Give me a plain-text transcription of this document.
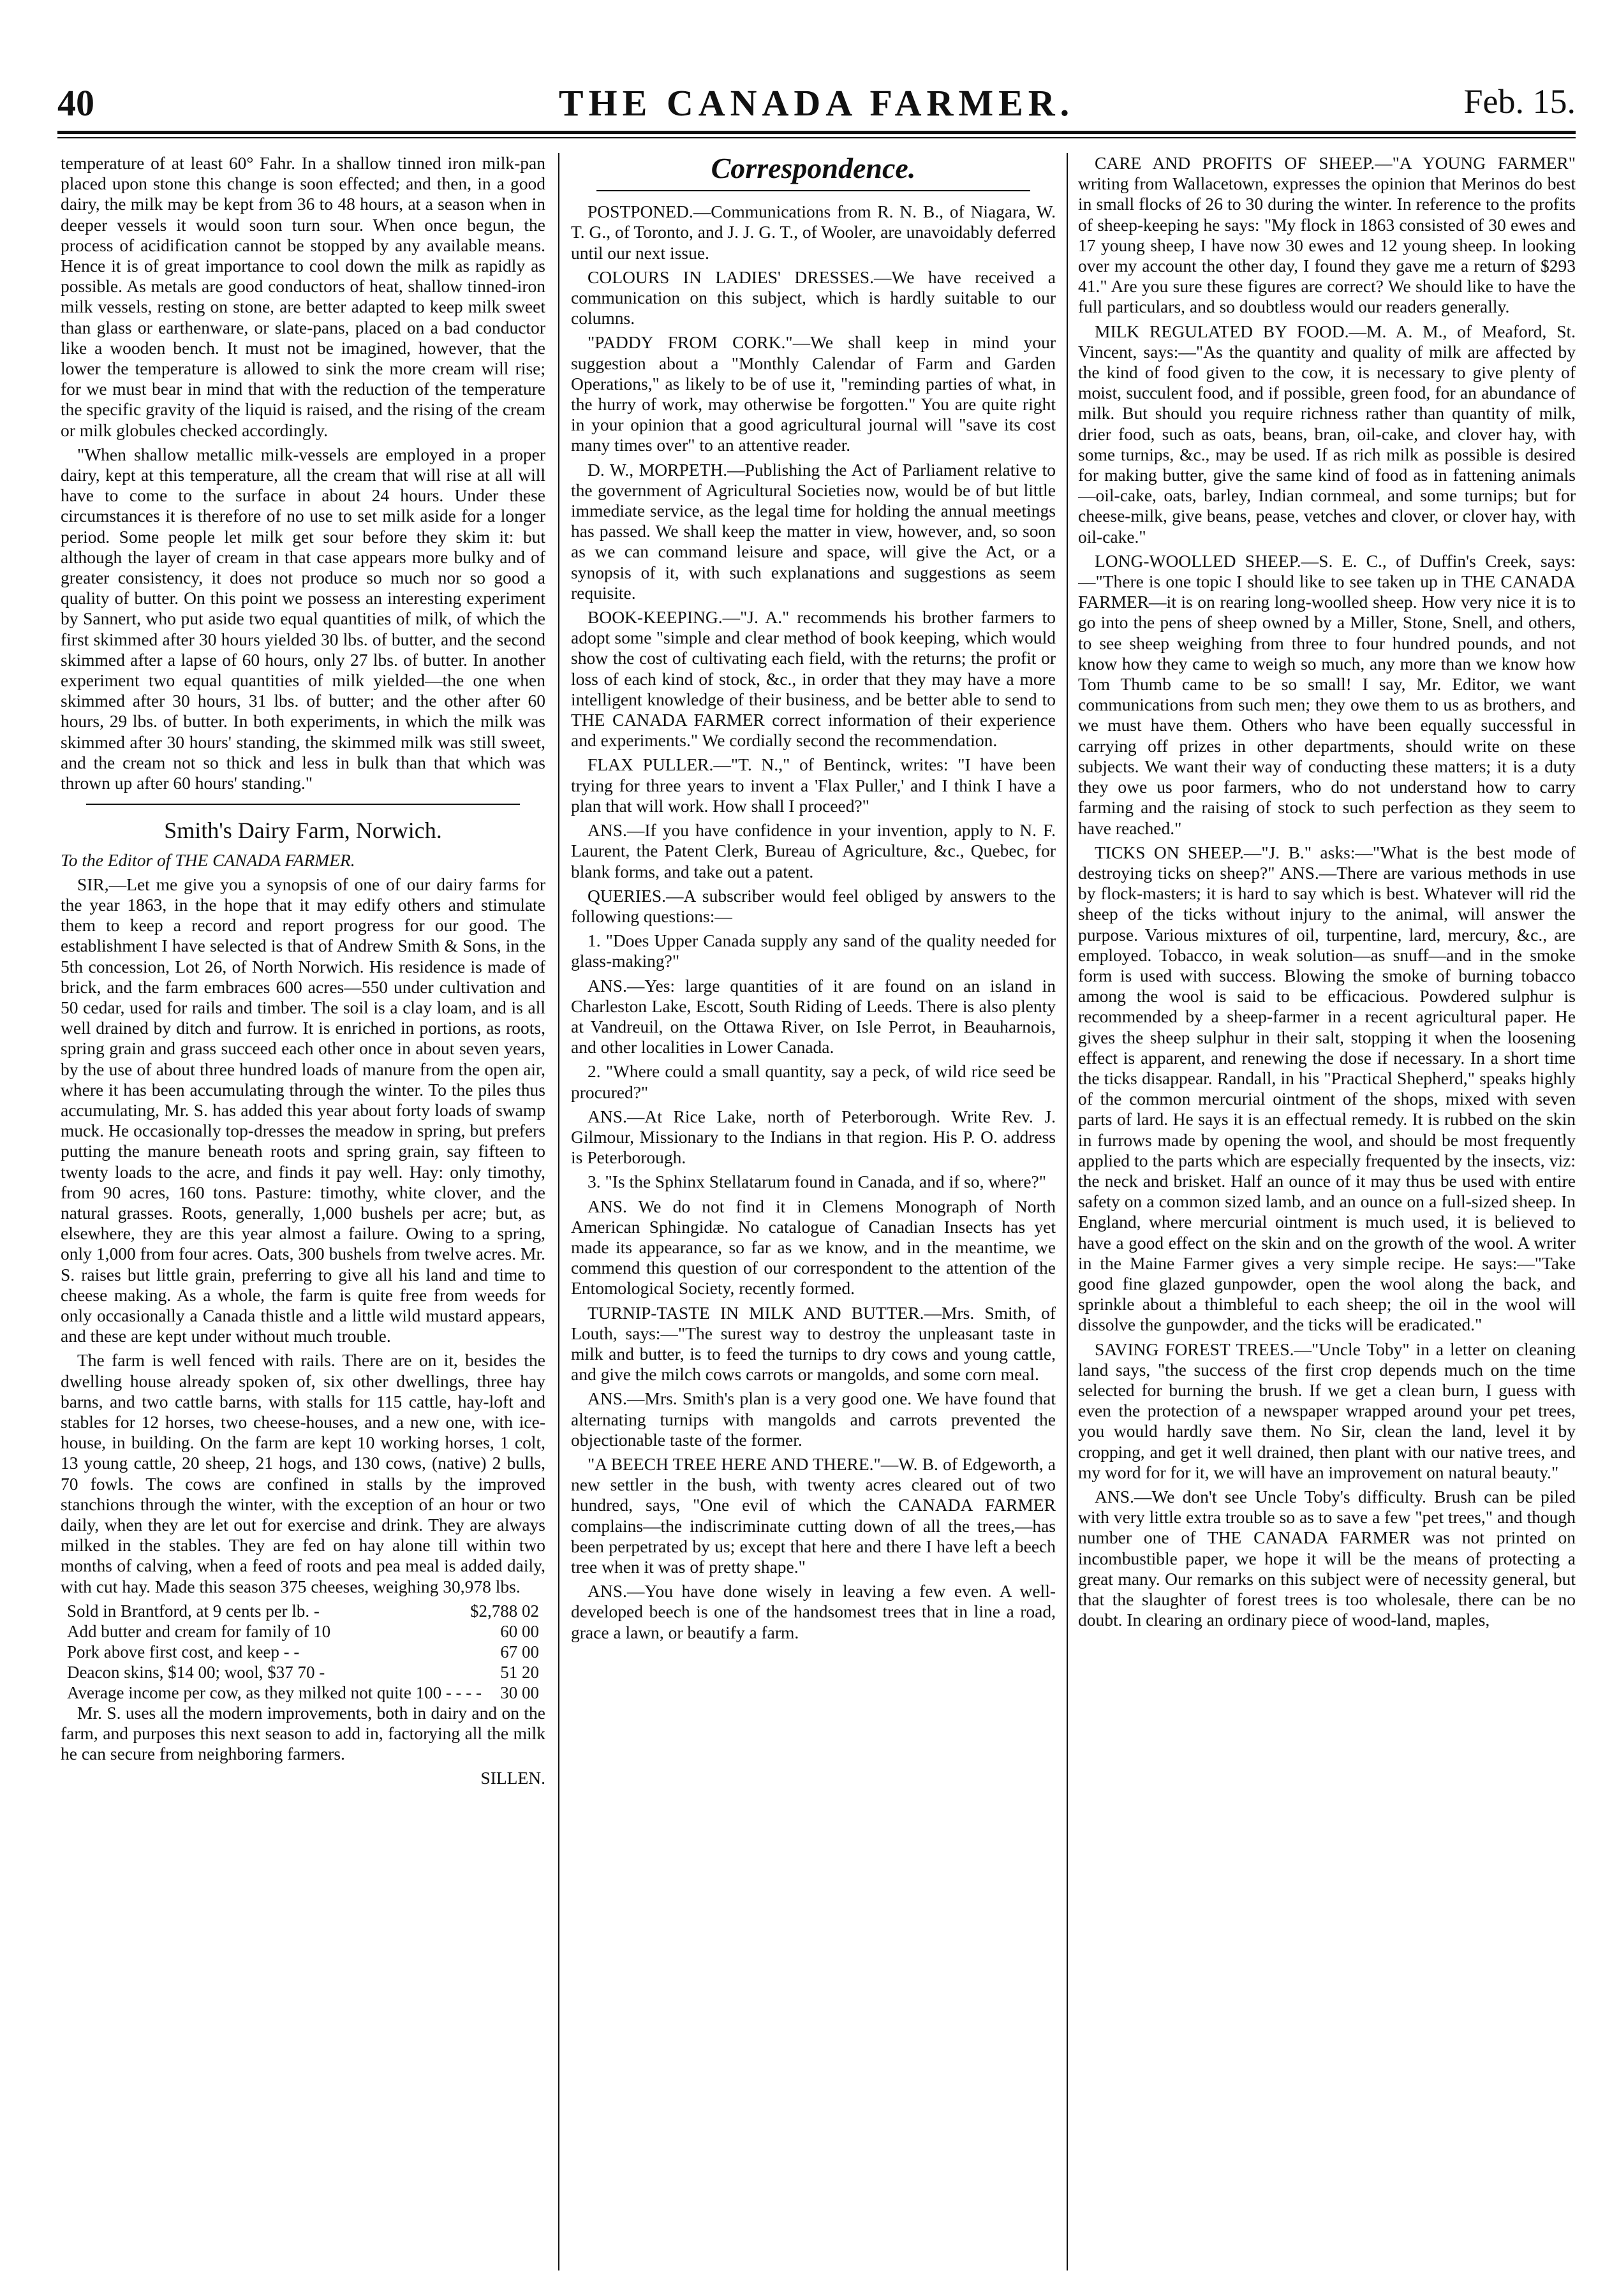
40	THE CANADA FARMER.	Feb. 15.

temperature of at least 60° Fahr. In a shallow tinned iron milk-pan placed upon stone this change is soon effected; and then, in a good dairy, the milk may be kept from 36 to 48 hours, at a season when in deeper vessels it would soon turn sour. When once begun, the process of acidification cannot be stopped by any available means. Hence it is of great importance to cool down the milk as rapidly as possible. As metals are good conductors of heat, shallow tinned-iron milk vessels, resting on stone, are better adapted to keep milk sweet than glass or earthenware, or slate-pans, placed on a bad conductor like a wooden bench. It must not be imagined, however, that the lower the temperature is allowed to sink the more cream will rise; for we must bear in mind that with the reduction of the temperature the specific gravity of the liquid is raised, and the rising of the cream or milk globules checked accordingly.

"When shallow metallic milk-vessels are employed in a proper dairy, kept at this temperature, all the cream that will rise at all will have to come to the surface in about 24 hours. Under these circumstances it is therefore of no use to set milk aside for a longer period. Some people let milk get sour before they skim it: but although the layer of cream in that case appears more bulky and of greater consistency, it does not produce so much nor so good a quality of butter. On this point we possess an interesting experiment by Sannert, who put aside two equal quantities of milk, of which the first skimmed after 30 hours yielded 30 lbs. of butter, and the second skimmed after a lapse of 60 hours, only 27 lbs. of butter. In another experiment two equal quantities of milk yielded—the one when skimmed after 30 hours, 31 lbs. of butter; and the other after 60 hours, 29 lbs. of butter. In both experiments, in which the milk was skimmed after 30 hours' standing, the skimmed milk was still sweet, and the cream not so thick and less in bulk than that which was thrown up after 60 hours' standing."

Smith's Dairy Farm, Norwich.

To the Editor of THE CANADA FARMER.

SIR,—Let me give you a synopsis of one of our dairy farms for the year 1863, in the hope that it may edify others and stimulate them to keep a record and report progress for our good. The establishment I have selected is that of Andrew Smith & Sons, in the 5th concession, Lot 26, of North Norwich. His residence is made of brick, and the farm embraces 600 acres—550 under cultivation and 50 cedar, used for rails and timber. The soil is a clay loam, and is all well drained by ditch and furrow. It is enriched in portions, as roots, spring grain and grass succeed each other once in about seven years, by the use of about three hundred loads of manure from the open air, where it has been accumulating through the winter. To the piles thus accumulating, Mr. S. has added this year about forty loads of swamp muck. He occasionally top-dresses the meadow in spring, but prefers putting the manure beneath roots and spring grain, say fifteen to twenty loads to the acre, and finds it pay well. Hay: only timothy, from 90 acres, 160 tons. Pasture: timothy, white clover, and the natural grasses. Roots, generally, 1,000 bushels per acre; but, as elsewhere, they are this year almost a failure. Owing to a spring, only 1,000 from four acres. Oats, 300 bushels from twelve acres. Mr. S. raises but little grain, preferring to give all his land and time to cheese making. As a whole, the farm is quite free from weeds for only occasionally a Canada thistle and a little wild mustard appears, and these are kept under without much trouble.

The farm is well fenced with rails. There are on it, besides the dwelling house already spoken of, six other dwellings, three hay barns, and two cattle barns, with stalls for 115 cattle, hay-loft and stables for 12 horses, two cheese-houses, and a new one, with ice-house, in building. On the farm are kept 10 working horses, 1 colt, 13 young cattle, 20 sheep, 21 hogs, and 130 cows, (native) 2 bulls, 70 fowls. The cows are confined in stalls by the improved stanchions through the winter, with the exception of an hour or two daily, when they are let out for exercise and drink. They are always milked in the stables. They are fed on hay alone till within two months of calving, when a feed of roots and pea meal is added daily, with cut hay. Made this season 375 cheeses, weighing 30,978 lbs.

Sold in Brantford, at 9 cents per lb. -	$2,788 02
Add butter and cream for family of 10	60 00
Pork above first cost, and keep - -	67 00
Deacon skins, $14 00; wool, $37 70 -	51 20
Average income per cow, as they milked not quite 100 - - - - 30 00

Mr. S. uses all the modern improvements, both in dairy and on the farm, and purposes this next season to add in, factorying all the milk he can secure from neighboring farmers.

SILLEN.

Correspondence.

POSTPONED.—Communications from R. N. B., of Niagara, W. T. G., of Toronto, and J. J. G. T., of Wooler, are unavoidably deferred until our next issue.

COLOURS IN LADIES' DRESSES.—We have received a communication on this subject, which is hardly suitable to our columns.

"PADDY FROM CORK."—We shall keep in mind your suggestion about a "Monthly Calendar of Farm and Garden Operations," as likely to be of use it, "reminding parties of what, in the hurry of work, may otherwise be forgotten." You are quite right in your opinion that a good agricultural journal will "save its cost many times over" to an attentive reader.

D. W., MORPETH.—Publishing the Act of Parliament relative to the government of Agricultural Societies now, would be of but little immediate service, as the legal time for holding the annual meetings has passed. We shall keep the matter in view, however, and, so soon as we can command leisure and space, will give the Act, or a synopsis of it, with such explanations and suggestions as seem requisite.

BOOK-KEEPING.—"J. A." recommends his brother farmers to adopt some "simple and clear method of book keeping, which would show the cost of cultivating each field, with the returns; the profit or loss of each kind of stock, &c., in order that they may have a more intelligent knowledge of their business, and be better able to send to THE CANADA FARMER correct information of their experience and experiments." We cordially second the recommendation.

FLAX PULLER.—"T. N.," of Bentinck, writes: "I have been trying for three years to invent a 'Flax Puller,' and I think I have a plan that will work. How shall I proceed?"

ANS.—If you have confidence in your invention, apply to N. F. Laurent, the Patent Clerk, Bureau of Agriculture, &c., Quebec, for blank forms, and take out a patent.

QUERIES.—A subscriber would feel obliged by answers to the following questions:—

1. "Does Upper Canada supply any sand of the quality needed for glass-making?"

ANS.—Yes: large quantities of it are found on an island in Charleston Lake, Escott, South Riding of Leeds. There is also plenty at Vandreuil, on the Ottawa River, on Isle Perrot, in Beauharnois, and other localities in Lower Canada.

2. "Where could a small quantity, say a peck, of wild rice seed be procured?"

ANS.—At Rice Lake, north of Peterborough. Write Rev. J. Gilmour, Missionary to the Indians in that region. His P. O. address is Peterborough.

3. "Is the Sphinx Stellatarum found in Canada, and if so, where?"

ANS. We do not find it in Clemens Monograph of North American Sphingidæ. No catalogue of Canadian Insects has yet made its appearance, so far as we know, and in the meantime, we commend this question of our correspondent to the attention of the Entomological Society, recently formed.

TURNIP-TASTE IN MILK AND BUTTER.—Mrs. Smith, of Louth, says:—"The surest way to destroy the unpleasant taste in milk and butter, is to feed the turnips to dry cows and young cattle, and give the milch cows carrots or mangolds, and some corn meal.

ANS.—Mrs. Smith's plan is a very good one. We have found that alternating turnips with mangolds and carrots prevented the objectionable taste of the former.

"A BEECH TREE HERE AND THERE."—W. B. of Edgeworth, a new settler in the bush, with twenty acres cleared out of two hundred, says, "One evil of which the CANADA FARMER complains—the indiscriminate cutting down of all the trees,—has been perpetrated by us; except that here and there I have left a beech tree when it was of pretty shape."

ANS.—You have done wisely in leaving a few even. A well-developed beech is one of the handsomest trees that in line a road, grace a lawn, or beautify a farm.

CARE AND PROFITS OF SHEEP.—"A YOUNG FARMER" writing from Wallacetown, expresses the opinion that Merinos do best in small flocks of 26 to 30 during the winter. In reference to the profits of sheep-keeping he says: "My flock in 1863 consisted of 30 ewes and 17 young sheep, I have now 30 ewes and 12 young sheep. In looking over my account the other day, I found they gave me a return of $293 41." Are you sure these figures are correct? We should like to have the full particulars, and so doubtless would our readers generally.

MILK REGULATED BY FOOD.—M. A. M., of Meaford, St. Vincent, says:—"As the quantity and quality of milk are affected by the kind of food given to the cow, it is necessary to give plenty of moist, succulent food, and if possible, green food, for an abundance of milk. But should you require richness rather than quantity of milk, drier food, such as oats, beans, bran, oil-cake, and clover hay, with some turnips, &c., may be used. If as rich milk as possible is desired for making butter, give the same kind of food as in fattening animals—oil-cake, oats, barley, Indian cornmeal, and some turnips; but for cheese-milk, give beans, pease, vetches and clover, or clover hay, with oil-cake."

LONG-WOOLLED SHEEP.—S. E. C., of Duffin's Creek, says:—"There is one topic I should like to see taken up in THE CANADA FARMER—it is on rearing long-woolled sheep. How very nice it is to go into the pens of sheep owned by a Miller, Stone, Snell, and others, to see sheep weighing from three to four hundred pounds, and not know how they came to weigh so much, any more than we know how Tom Thumb came to be so small! I say, Mr. Editor, we want communications from such men; they owe them to us as brothers, and we must have them. Others who have been equally successful in carrying off prizes in other departments, should write on these subjects. We want their way of conducting these matters; it is a duty they owe us poor farmers, who do not understand how to carry farming and the raising of stock to such perfection as they seem to have reached."

TICKS ON SHEEP.—"J. B." asks:—"What is the best mode of destroying ticks on sheep?" ANS.—There are various methods in use by flock-masters; it is hard to say which is best. Whatever will rid the sheep of the ticks without injury to the animal, will answer the purpose. Various mixtures of oil, turpentine, lard, mercury, &c., are employed. Tobacco, in weak solution—as snuff—and in the smoke form is used with success. Blowing the smoke of burning tobacco among the wool is said to be efficacious. Powdered sulphur is recommended by a sheep-farmer in a recent agricultural paper. He gives the sheep sulphur in their salt, stopping it when the loosening effect is apparent, and renewing the dose if necessary. In a short time the ticks disappear. Randall, in his "Practical Shepherd," speaks highly of the common mercurial ointment of the shops, mixed with seven parts of lard. He says it is an effectual remedy. It is rubbed on the skin in furrows made by opening the wool, and should be most frequently applied to the parts which are especially frequented by the insects, viz: the neck and brisket. Half an ounce of it may thus be used with entire safety on a common sized lamb, and an ounce on a full-sized sheep. In England, where mercurial ointment is much used, it is believed to have a good effect on the skin and on the growth of the wool. A writer in the Maine Farmer gives a very simple recipe. He says:—"Take good fine glazed gunpowder, open the wool along the back, and sprinkle about a thimbleful to each sheep; the oil in the wool will dissolve the gunpowder, and the ticks will be eradicated."

SAVING FOREST TREES.—"Uncle Toby" in a letter on cleaning land says, "the success of the first crop depends much on the time selected for burning the brush. If we get a clean burn, I guess with even the protection of a newspaper wrapped around your pet trees, you would hardly save them. No Sir, clean the land, level it by cropping, and get it well drained, then plant with our native trees, and my word for for it, we will have an improvement on natural beauty."

ANS.—We don't see Uncle Toby's difficulty. Brush can be piled with very little extra trouble so as to save a few "pet trees," and though number one of THE CANADA FARMER was not printed on incombustible paper, we hope it will be the means of protecting a great many. Our remarks on this subject were of necessity general, but that the slaughter of forest trees is too wholesale, there can be no doubt. In clearing an ordinary piece of wood-land, maples,
